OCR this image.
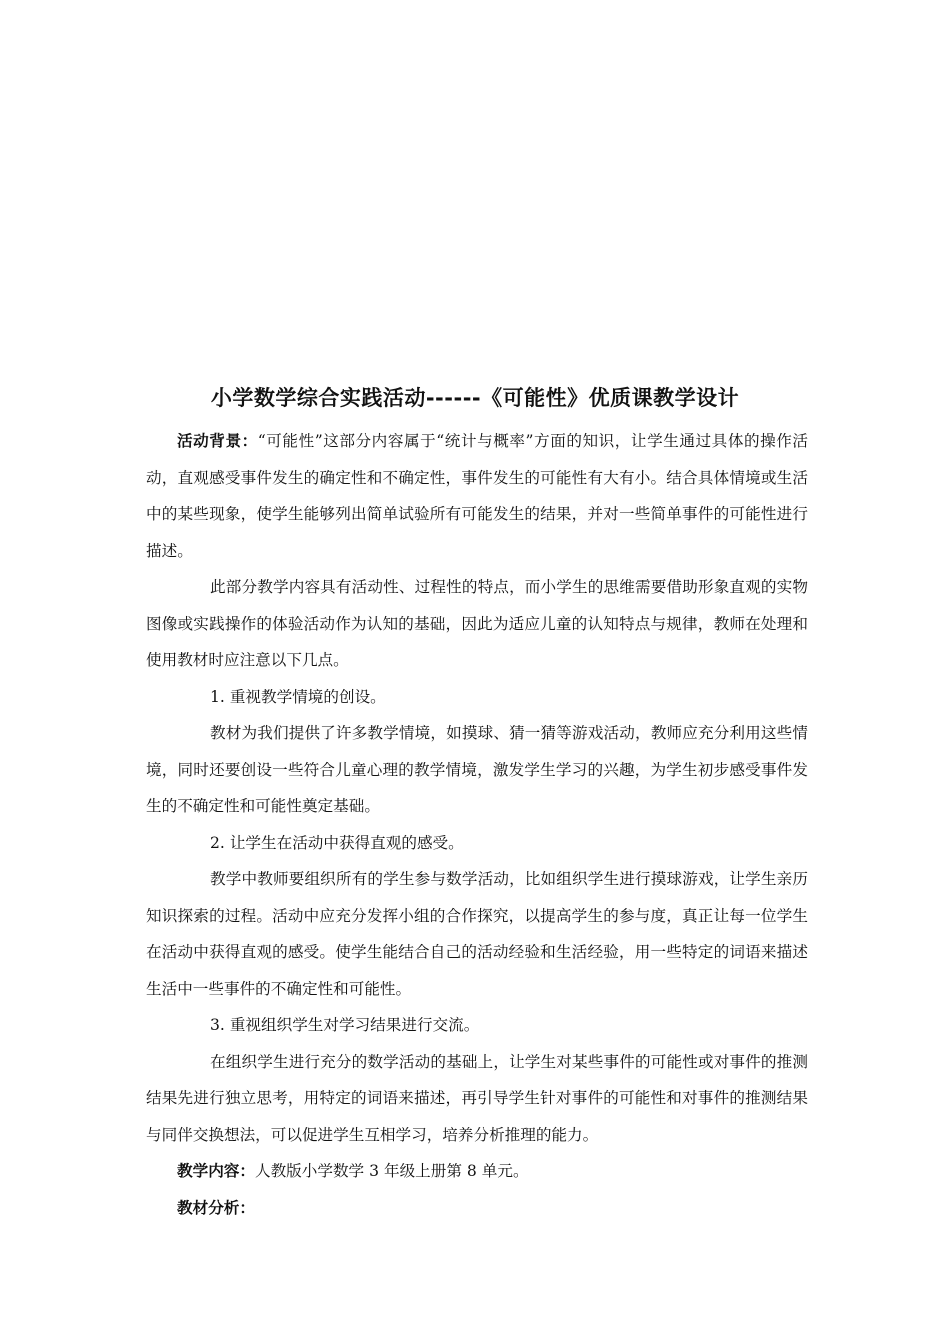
小学数学综合实践活动------《可能性》优质课教学设计

活动背景：“可能性”这部分内容属于“统计与概率”方面的知识，让学生通过具体的操作活动，直观感受事件发生的确定性和不确定性，事件发生的可能性有大有小。结合具体情境或生活中的某些现象，使学生能够列出简单试验所有可能发生的结果，并对一些简单事件的可能性进行描述。

此部分教学内容具有活动性、过程性的特点，而小学生的思维需要借助形象直观的实物图像或实践操作的体验活动作为认知的基础，因此为适应儿童的认知特点与规律，教师在处理和使用教材时应注意以下几点。

1. 重视教学情境的创设。

教材为我们提供了许多教学情境，如摸球、猜一猜等游戏活动，教师应充分利用这些情境，同时还要创设一些符合儿童心理的教学情境，激发学生学习的兴趣，为学生初步感受事件发生的不确定性和可能性奠定基础。

2. 让学生在活动中获得直观的感受。

教学中教师要组织所有的学生参与数学活动，比如组织学生进行摸球游戏，让学生亲历知识探索的过程。活动中应充分发挥小组的合作探究，以提高学生的参与度，真正让每一位学生在活动中获得直观的感受。使学生能结合自己的活动经验和生活经验，用一些特定的词语来描述生活中一些事件的不确定性和可能性。

3. 重视组织学生对学习结果进行交流。

在组织学生进行充分的数学活动的基础上，让学生对某些事件的可能性或对事件的推测结果先进行独立思考，用特定的词语来描述，再引导学生针对事件的可能性和对事件的推测结果与同伴交换想法，可以促进学生互相学习，培养分析推理的能力。

教学内容：人教版小学数学 3 年级上册第 8 单元。

教材分析：
